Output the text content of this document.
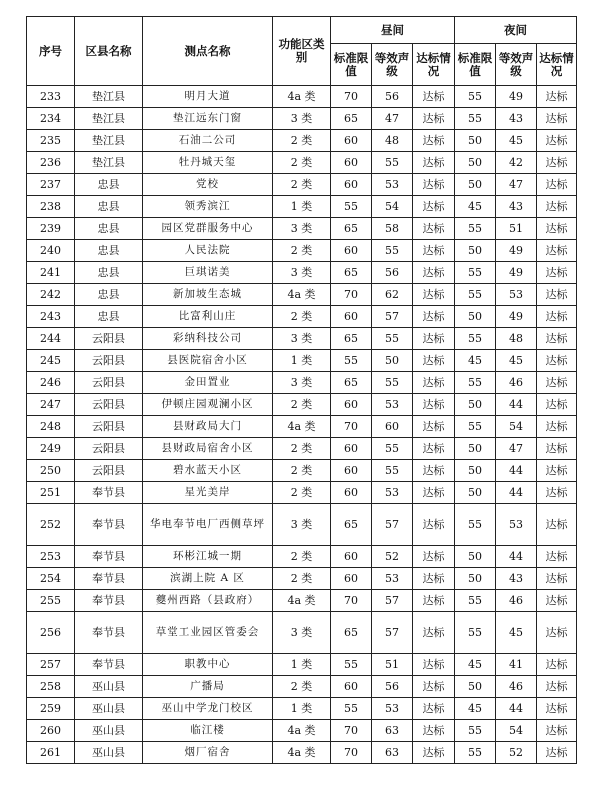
序号	区县名称	测点名称	功能区类别	昼间			夜间		
				标准限值	等效声级	达标情况	标准限值	等效声级	达标情况
233	垫江县	明月大道	4a 类	70	56	达标	55	49	达标
234	垫江县	垫江远东门窗	3 类	65	47	达标	55	43	达标
235	垫江县	石油二公司	2 类	60	48	达标	50	45	达标
236	垫江县	牡丹城天玺	2 类	60	55	达标	50	42	达标
237	忠县	党校	2 类	60	53	达标	50	47	达标
238	忠县	领秀滨江	1 类	55	54	达标	45	43	达标
239	忠县	园区党群服务中心	3 类	65	58	达标	55	51	达标
240	忠县	人民法院	2 类	60	55	达标	50	49	达标
241	忠县	巨琪诺美	3 类	65	56	达标	55	49	达标
242	忠县	新加坡生态城	4a 类	70	62	达标	55	53	达标
243	忠县	比富利山庄	2 类	60	57	达标	50	49	达标
244	云阳县	彩纳科技公司	3 类	65	55	达标	55	48	达标
245	云阳县	县医院宿舍小区	1 类	55	50	达标	45	45	达标
246	云阳县	金田置业	3 类	65	55	达标	55	46	达标
247	云阳县	伊顿庄园观澜小区	2 类	60	53	达标	50	44	达标
248	云阳县	县财政局大门	4a 类	70	60	达标	55	54	达标
249	云阳县	县财政局宿舍小区	2 类	60	55	达标	50	47	达标
250	云阳县	碧水蓝天小区	2 类	60	55	达标	50	44	达标
251	奉节县	星光美岸	2 类	60	53	达标	50	44	达标
252	奉节县	华电奉节电厂西侧草坪	3 类	65	57	达标	55	53	达标
253	奉节县	环彬江城一期	2 类	60	52	达标	50	44	达标
254	奉节县	滨湖上院 A 区	2 类	60	53	达标	50	43	达标
255	奉节县	夔州西路（县政府）	4a 类	70	57	达标	55	46	达标
256	奉节县	草堂工业园区管委会	3 类	65	57	达标	55	45	达标
257	奉节县	职教中心	1 类	55	51	达标	45	41	达标
258	巫山县	广播局	2 类	60	56	达标	50	46	达标
259	巫山县	巫山中学龙门校区	1 类	55	53	达标	45	44	达标
260	巫山县	临江楼	4a 类	70	63	达标	55	54	达标
261	巫山县	烟厂宿舍	4a 类	70	63	达标	55	52	达标
